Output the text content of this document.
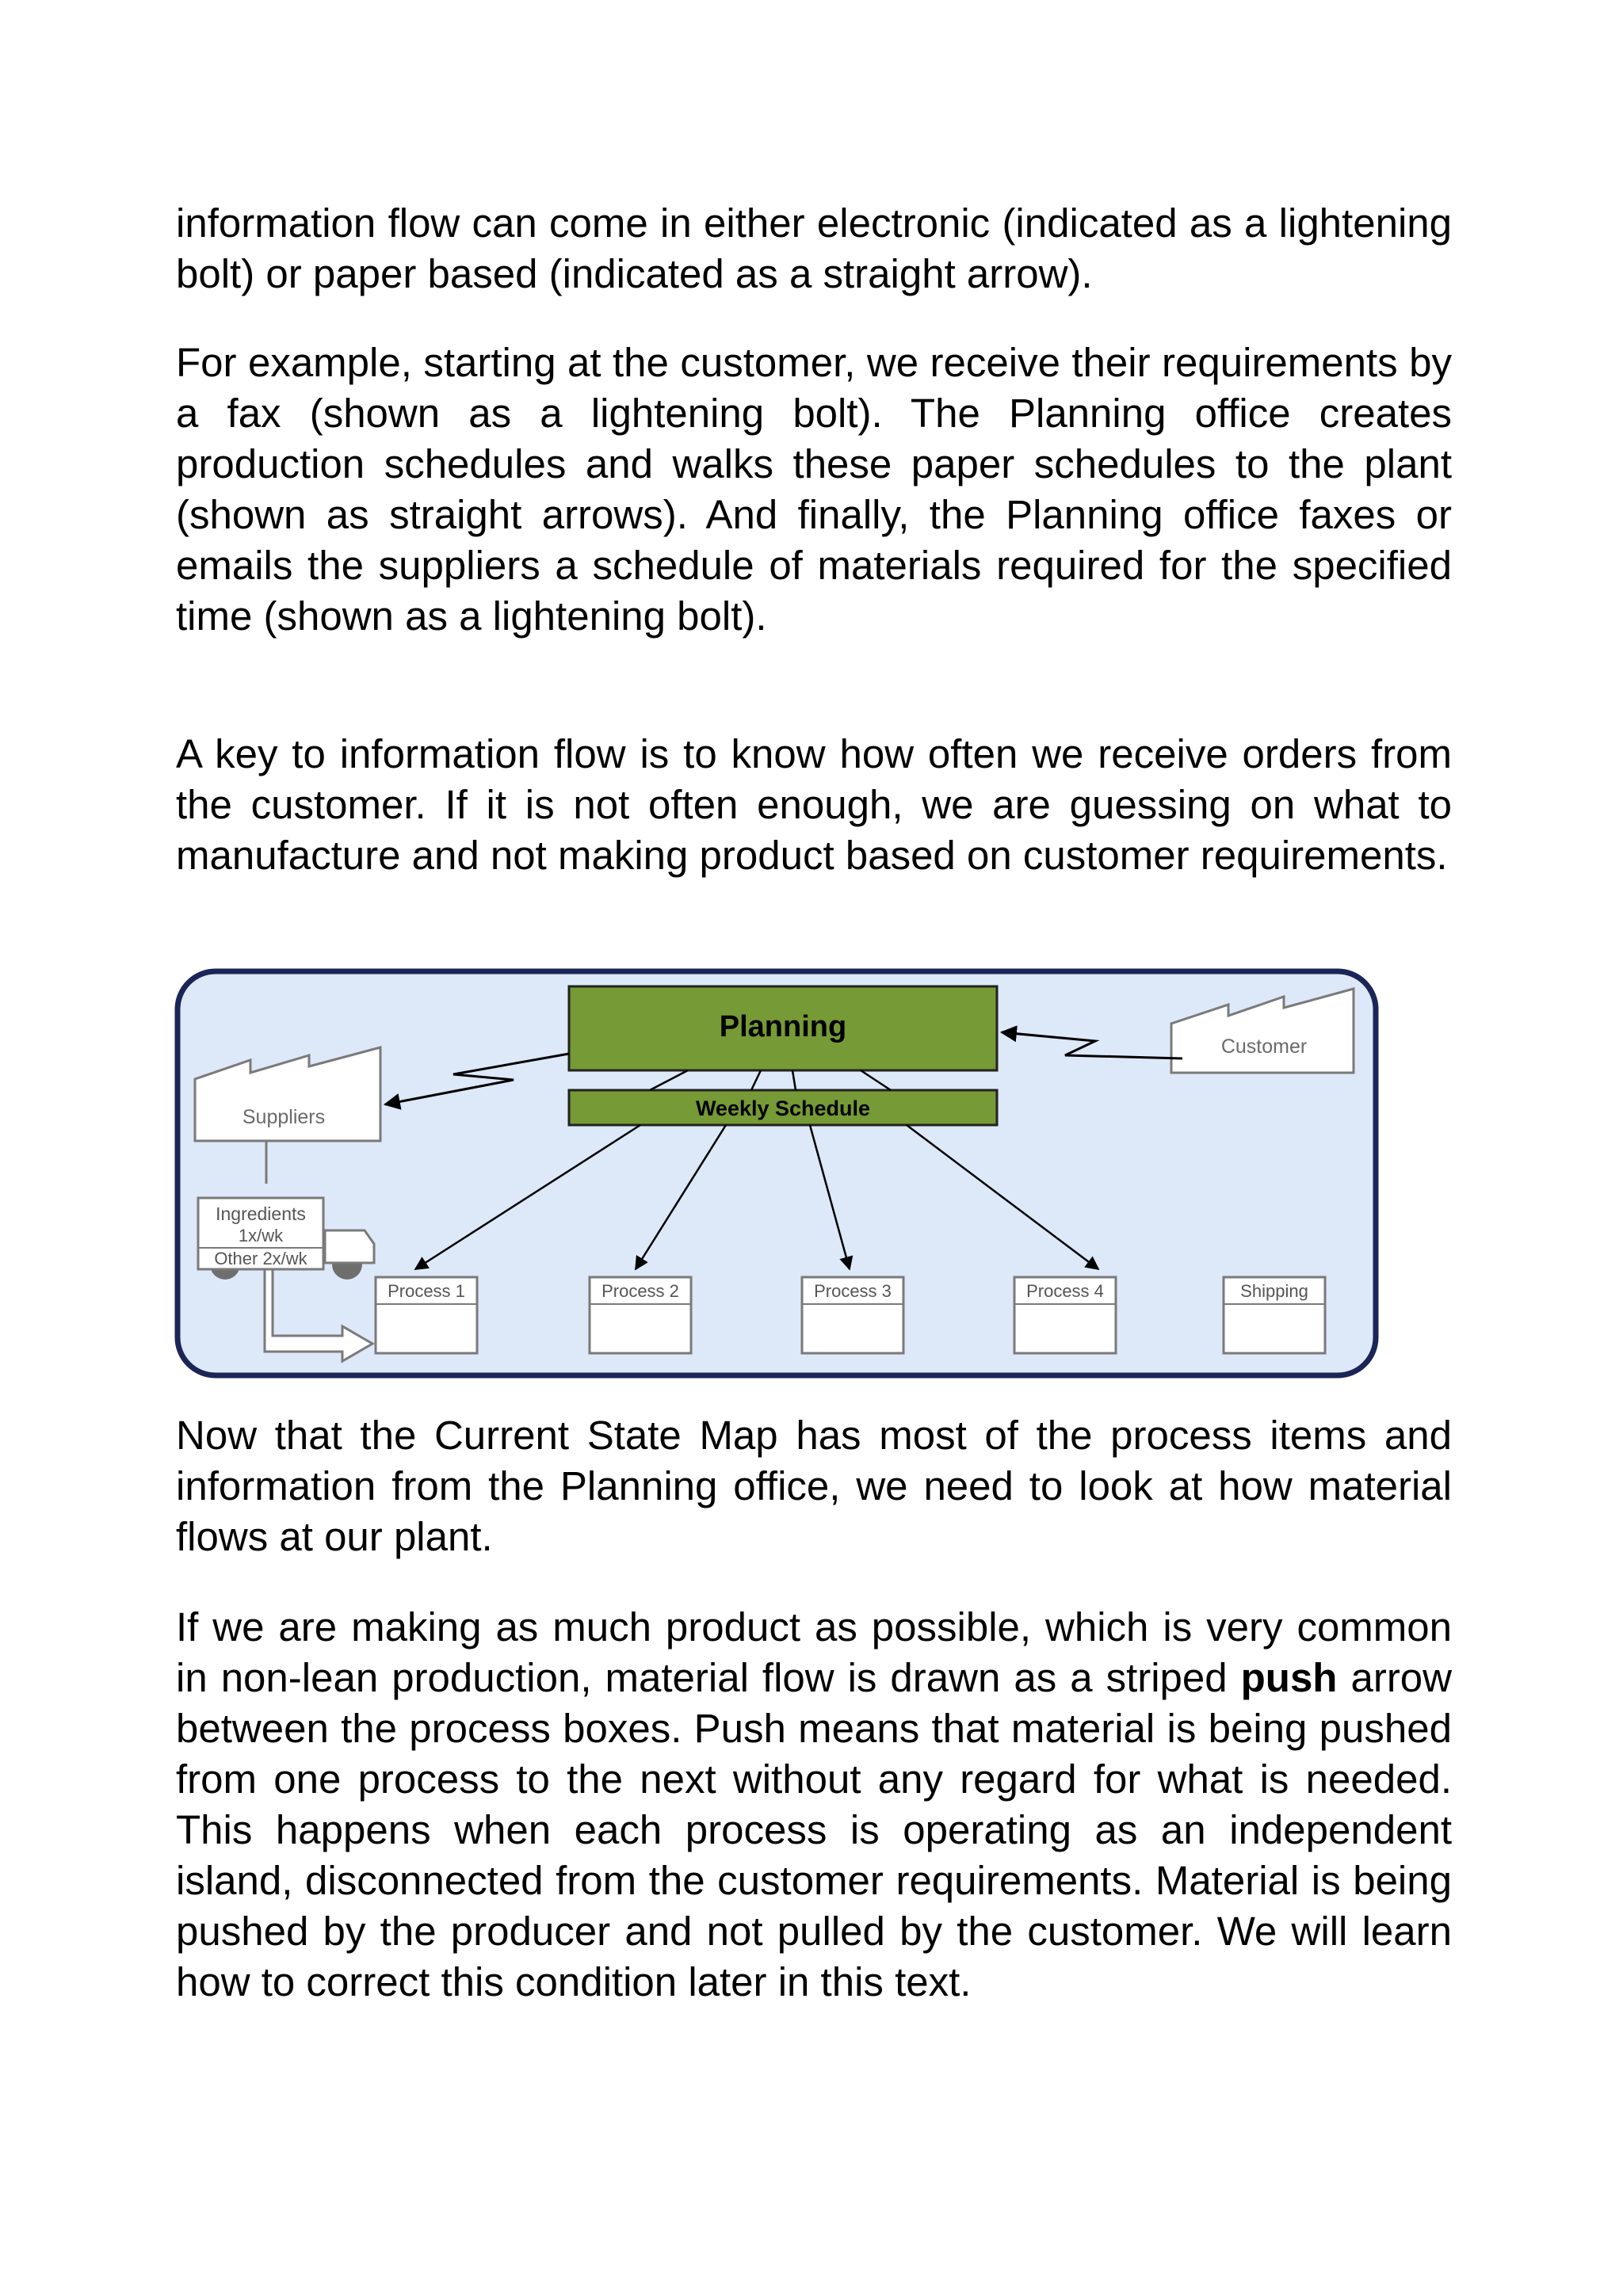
information flow can come in either electronic (indicated as a lightening bolt) or paper based (indicated as a straight arrow).

For example, starting at the customer, we receive their requirements by a fax (shown as a lightening bolt). The Planning office creates production schedules and walks these paper schedules to the plant (shown as straight arrows). And finally, the Planning office faxes or emails the suppliers a schedule of materials required for the specified time (shown as a lightening bolt).

A key to information flow is to know how often we receive orders from the customer. If it is not often enough, we are guessing on what to manufacture and not making product based on customer requirements.

Planning
Weekly Schedule
Customer
Suppliers
Ingredients
1x/wk
Other 2x/wk
Process 1	Process 2	Process 3	Process 4	Shipping

Now that the Current State Map has most of the process items and information from the Planning office, we need to look at how material flows at our plant.

If we are making as much product as possible, which is very common in non-lean production, material flow is drawn as a striped push arrow between the process boxes. Push means that material is being pushed from one process to the next without any regard for what is needed. This happens when each process is operating as an independent island, disconnected from the customer requirements. Material is being pushed by the producer and not pulled by the customer. We will learn how to correct this condition later in this text.
